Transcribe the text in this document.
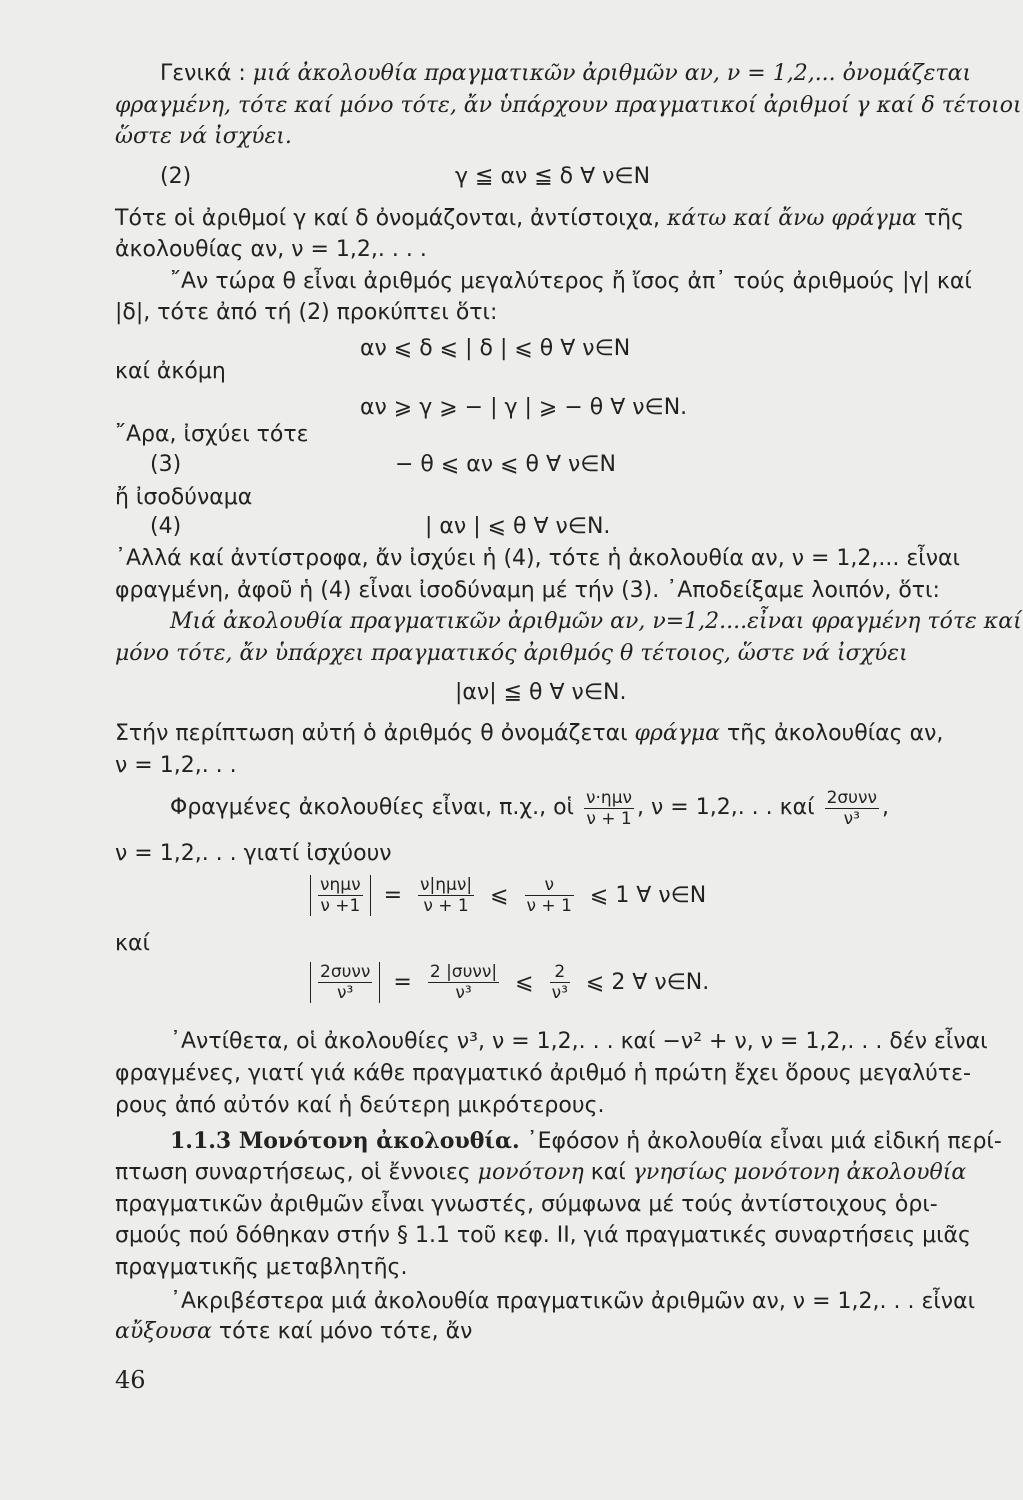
Γενικά : μιά ἀκολουθία πραγματικῶν ἀριθμῶν αν, ν = 1,2,... ὀνομάζεται
φραγμένη, τότε καί μόνο τότε, ἄν ὑπάρχουν πραγματικοί ἀριθμοί γ καί δ τέτοιοι
ὥστε νά ἰσχύει.
(2)	γ ≦ αν ≦ δ ∀ ν∈N
Τότε οἱ ἀριθμοί γ καί δ ὀνομάζονται, ἀντίστοιχα, κάτω καί ἄνω φράγμα τῆς
ἀκολουθίας αν, ν = 1,2,. . . .
῎Αν τώρα θ εἶναι ἀριθμός μεγαλύτερος ἤ ἴσος ἀπ᾽ τούς ἀριθμούς |γ| καί
|δ|, τότε ἀπό τή (2) προκύπτει ὅτι:
αν ⩽ δ ⩽ | δ | ⩽ θ ∀ ν∈N
καί ἀκόμη
αν ⩾ γ ⩾ − | γ | ⩾ − θ ∀ ν∈N.
῎Αρα, ἰσχύει τότε
(3)	− θ ⩽ αν ⩽ θ ∀ ν∈N
ἤ ἰσοδύναμα
(4)	| αν | ⩽ θ ∀ ν∈N.
᾽Αλλά καί ἀντίστροφα, ἄν ἰσχύει ἡ (4), τότε ἡ ἀκολουθία αν, ν = 1,2,... εἶναι
φραγμένη, ἀφοῦ ἡ (4) εἶναι ἰσοδύναμη μέ τήν (3). ᾽Αποδείξαμε λοιπόν, ὅτι:
Μιά ἀκολουθία πραγματικῶν ἀριθμῶν αν, ν=1,2....εἶναι φραγμένη τότε καί
μόνο τότε, ἄν ὑπάρχει πραγματικός ἀριθμός θ τέτοιος, ὥστε νά ἰσχύει
|αν| ≦ θ ∀ ν∈N.
Στήν περίπτωση αὐτή ὁ ἀριθμός θ ὀνομάζεται φράγμα τῆς ἀκολουθίας αν,
ν = 1,2,. . .
Φραγμένες ἀκολουθίες εἶναι, π.χ., οἱ $\frac{\text{ν·ημν}}{\nu + 1}$ , ν = 1,2,. . . καί $\frac{\text{2συνν}}{\text{ν³}}$ ,
ν = 1,2,. . . γιατί ἰσχύουν
$\frac{\text{νημν}}{\nu +1} = \frac{\text{ν|ημν|}}{\nu + 1}$ ⩽ $\frac{\nu}{\nu + 1}$ ⩽ 1 ∀ ν∈N
καί
$\frac{\text{2συνν}}{\text{ν³}} = \frac{\text{2 |συνν|}}{\text{ν³}}$ ⩽ $\frac{2}{\text{ν³}}$ ⩽ 2 ∀ ν∈N.
᾽Αντίθετα, οἱ ἀκολουθίες ν³, ν = 1,2,. . . καί −ν² + ν, ν = 1,2,. . . δέν εἶναι
φραγμένες, γιατί γιά κάθε πραγματικό ἀριθμό ἡ πρώτη ἔχει ὅρους μεγαλύτε-
ρους ἀπό αὐτόν καί ἡ δεύτερη μικρότερους.
1.1.3 Μονότονη ἀκολουθία. ᾽Εφόσον ἡ ἀκολουθία εἶναι μιά εἰδική περί-
πτωση συναρτήσεως, οἱ ἔννοιες μονότονη καί γνησίως μονότονη ἀκολουθία
πραγματικῶν ἀριθμῶν εἶναι γνωστές, σύμφωνα μέ τούς ἀντίστοιχους ὁρι-
σμούς πού δόθηκαν στήν § 1.1 τοῦ κεφ. ΙΙ, γιά πραγματικές συναρτήσεις μιᾶς
πραγματικῆς μεταβλητῆς.
᾽Ακριβέστερα μιά ἀκολουθία πραγματικῶν ἀριθμῶν αν, ν = 1,2,. . . εἶναι
αὔξουσα τότε καί μόνο τότε, ἄν
46
